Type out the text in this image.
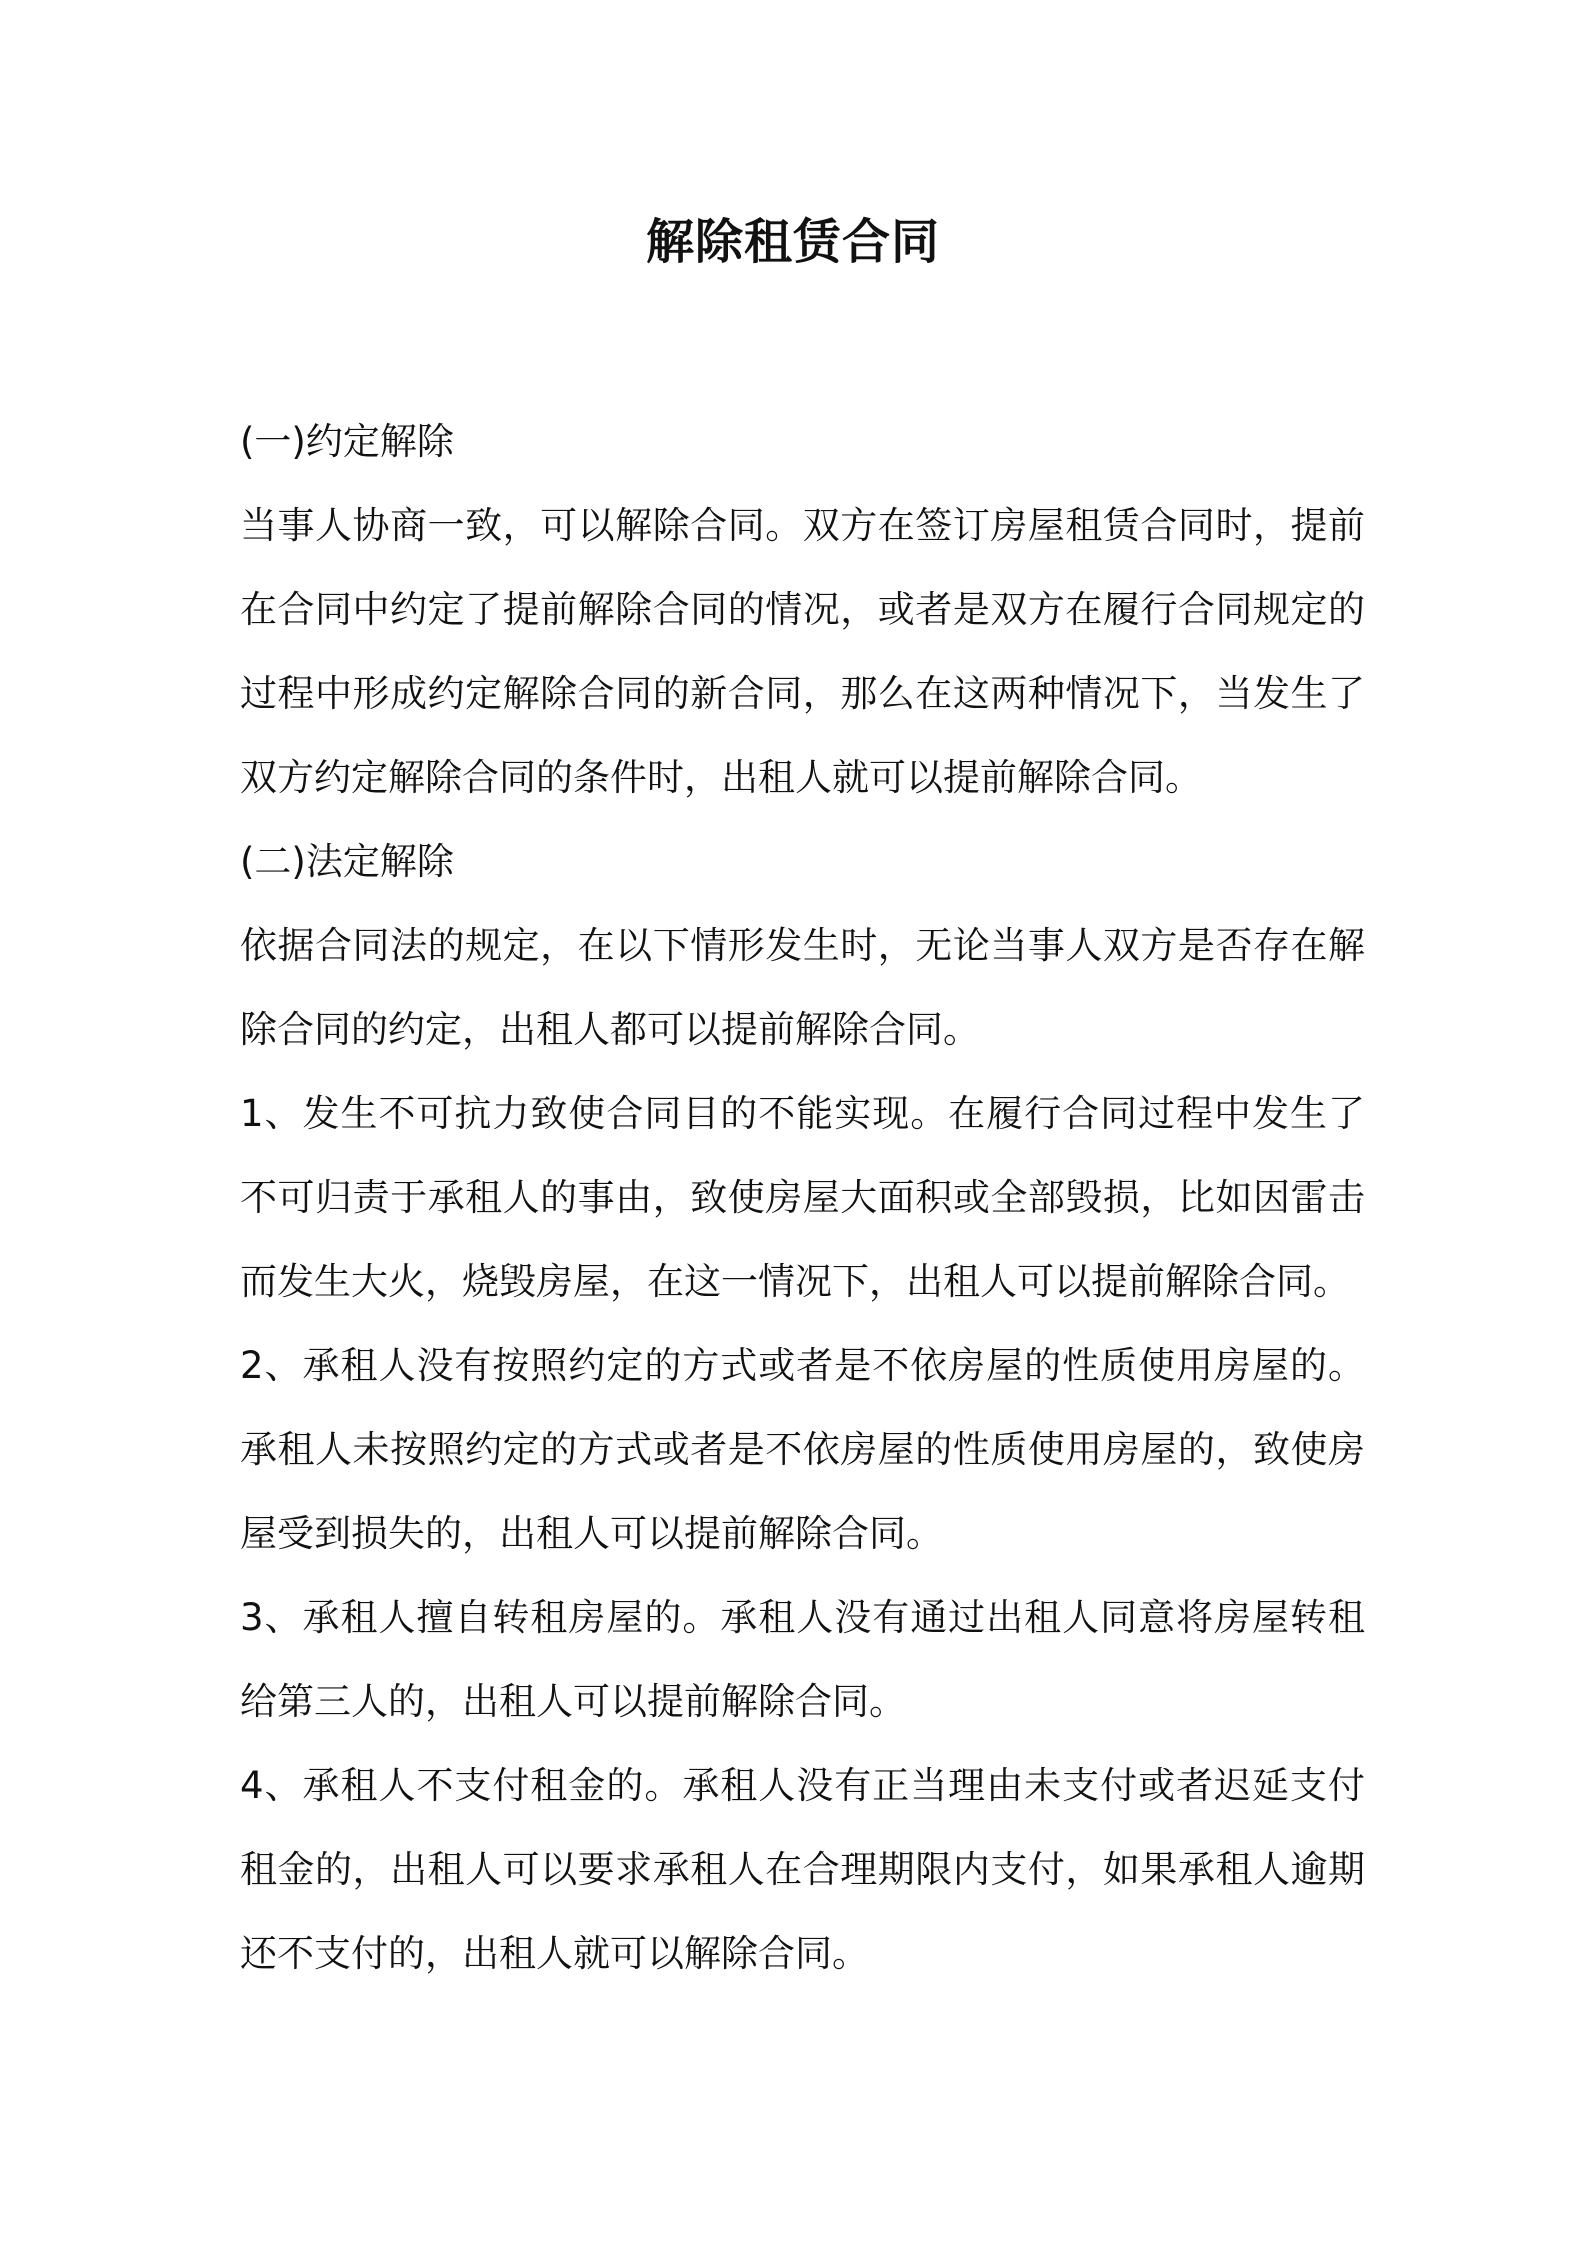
解除租赁合同

(一)约定解除

当事人协商一致，可以解除合同。双方在签订房屋租赁合同时，提前在合同中约定了提前解除合同的情况，或者是双方在履行合同规定的过程中形成约定解除合同的新合同，那么在这两种情况下，当发生了双方约定解除合同的条件时，出租人就可以提前解除合同。

(二)法定解除

依据合同法的规定，在以下情形发生时，无论当事人双方是否存在解除合同的约定，出租人都可以提前解除合同。

1、发生不可抗力致使合同目的不能实现。在履行合同过程中发生了不可归责于承租人的事由，致使房屋大面积或全部毁损，比如因雷击而发生大火，烧毁房屋，在这一情况下，出租人可以提前解除合同。

2、承租人没有按照约定的方式或者是不依房屋的性质使用房屋的。承租人未按照约定的方式或者是不依房屋的性质使用房屋的，致使房屋受到损失的，出租人可以提前解除合同。

3、承租人擅自转租房屋的。承租人没有通过出租人同意将房屋转租给第三人的，出租人可以提前解除合同。

4、承租人不支付租金的。承租人没有正当理由未支付或者迟延支付租金的，出租人可以要求承租人在合理期限内支付，如果承租人逾期还不支付的，出租人就可以解除合同。
